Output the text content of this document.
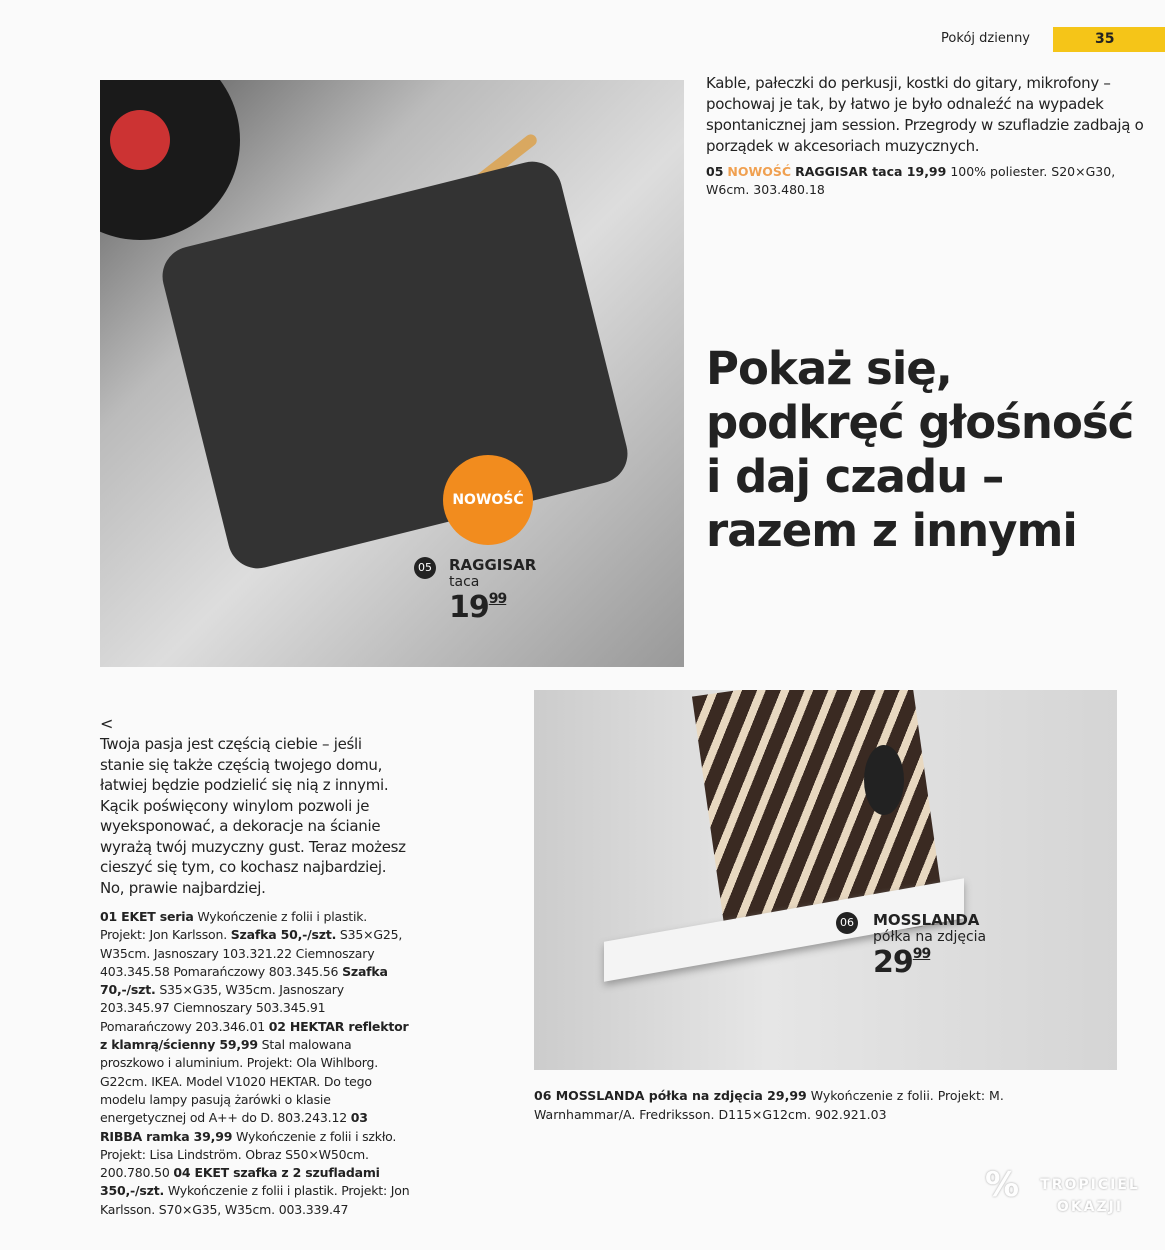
Pokój dzienny	35
NOWOŚĆ
05 RAGGISAR
taca
$19^{99}$
Kable, pałeczki do perkusji, kostki do gitary, mikrofony – pochowaj je tak, by łatwo je było odnaleźć na wypadek spontanicznej jam session. Przegrody w szufladzie zadbają o porządek w akcesoriach muzycznych.
05 NOWOŚĆ RAGGISAR taca 19,99 100% poliester. S20×G30, W6cm. 303.480.18
Pokaż się, podkręć głośność i daj czadu – razem z innymi
06 MOSSLANDA
półka na zdjęcia
$29^{99}$
<
Twoja pasja jest częścią ciebie – jeśli stanie się także częścią twojego domu, łatwiej będzie podzielić się nią z innymi. Kącik poświęcony winylom pozwoli je wyeksponować, a dekoracje na ścianie wyrażą twój muzyczny gust. Teraz możesz cieszyć się tym, co kochasz najbardziej. No, prawie najbardziej.
01 EKET seria Wykończenie z folii i plastik. Projekt: Jon Karlsson. Szafka 50,-/szt. S35×G25, W35cm. Jasnoszary 103.321.22 Ciemnoszary 403.345.58 Pomarańczowy 803.345.56 Szafka 70,-/szt. S35×G35, W35cm. Jasnoszary 203.345.97 Ciemnoszary 503.345.91 Pomarańczowy 203.346.01 02 HEKTAR reflektor z klamrą/ścienny 59,99 Stal malowana proszkowo i aluminium. Projekt: Ola Wihlborg. G22cm. IKEA. Model V1020 HEKTAR. Do tego modelu lampy pasują żarówki o klasie energetycznej od A++ do D. 803.243.12 03 RIBBA ramka 39,99 Wykończenie z folii i szkło. Projekt: Lisa Lindström. Obraz S50×W50cm. 200.780.50 04 EKET szafka z 2 szufladami 350,-/szt. Wykończenie z folii i plastik. Projekt: Jon Karlsson. S70×G35, W35cm. 003.339.47
06 MOSSLANDA półka na zdjęcia 29,99 Wykończenie z folii. Projekt: M. Warnhammar/A. Fredriksson. D115×G12cm. 902.921.03
%	TROPICIEL OKAZJI
